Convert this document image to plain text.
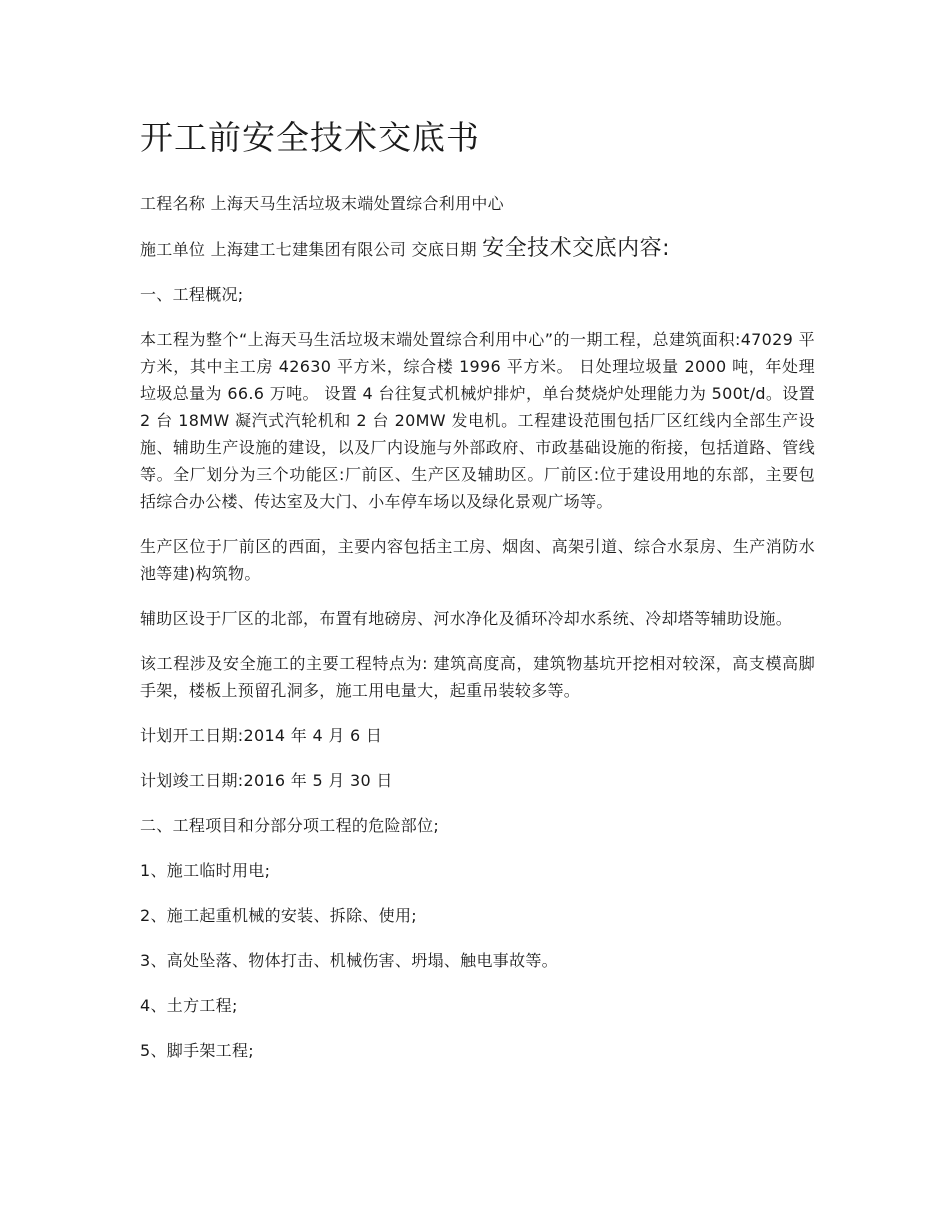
开工前安全技术交底书

工程名称 上海天马生活垃圾末端处置综合利用中心

施工单位 上海建工七建集团有限公司 交底日期 安全技术交底内容:

一、工程概况;

本工程为整个“上海天马生活垃圾末端处置综合利用中心”的一期工程，总建筑面积:47029 平方米，其中主工房 42630 平方米，综合楼 1996 平方米。 日处理垃圾量 2000 吨，年处理垃圾总量为 66.6 万吨。 设置 4 台往复式机械炉排炉，单台焚烧炉处理能力为 500t/d。设置 2 台 18MW 凝汽式汽轮机和 2 台 20MW 发电机。工程建设范围包括厂区红线内全部生产设施、辅助生产设施的建设，以及厂内设施与外部政府、市政基础设施的衔接，包括道路、管线等。全厂划分为三个功能区:厂前区、生产区及辅助区。厂前区:位于建设用地的东部，主要包括综合办公楼、传达室及大门、小车停车场以及绿化景观广场等。

生产区位于厂前区的西面，主要内容包括主工房、烟囱、高架引道、综合水泵房、生产消防水池等建)构筑物。

辅助区设于厂区的北部，布置有地磅房、河水净化及循环冷却水系统、冷却塔等辅助设施。

该工程涉及安全施工的主要工程特点为: 建筑高度高，建筑物基坑开挖相对较深，高支模高脚手架，楼板上预留孔洞多，施工用电量大，起重吊装较多等。

计划开工日期:2014 年 4 月 6 日

计划竣工日期:2016 年 5 月 30 日

二、工程项目和分部分项工程的危险部位;

1、施工临时用电;

2、施工起重机械的安装、拆除、使用;

3、高处坠落、物体打击、机械伤害、坍塌、触电事故等。

4、土方工程;

5、脚手架工程;
